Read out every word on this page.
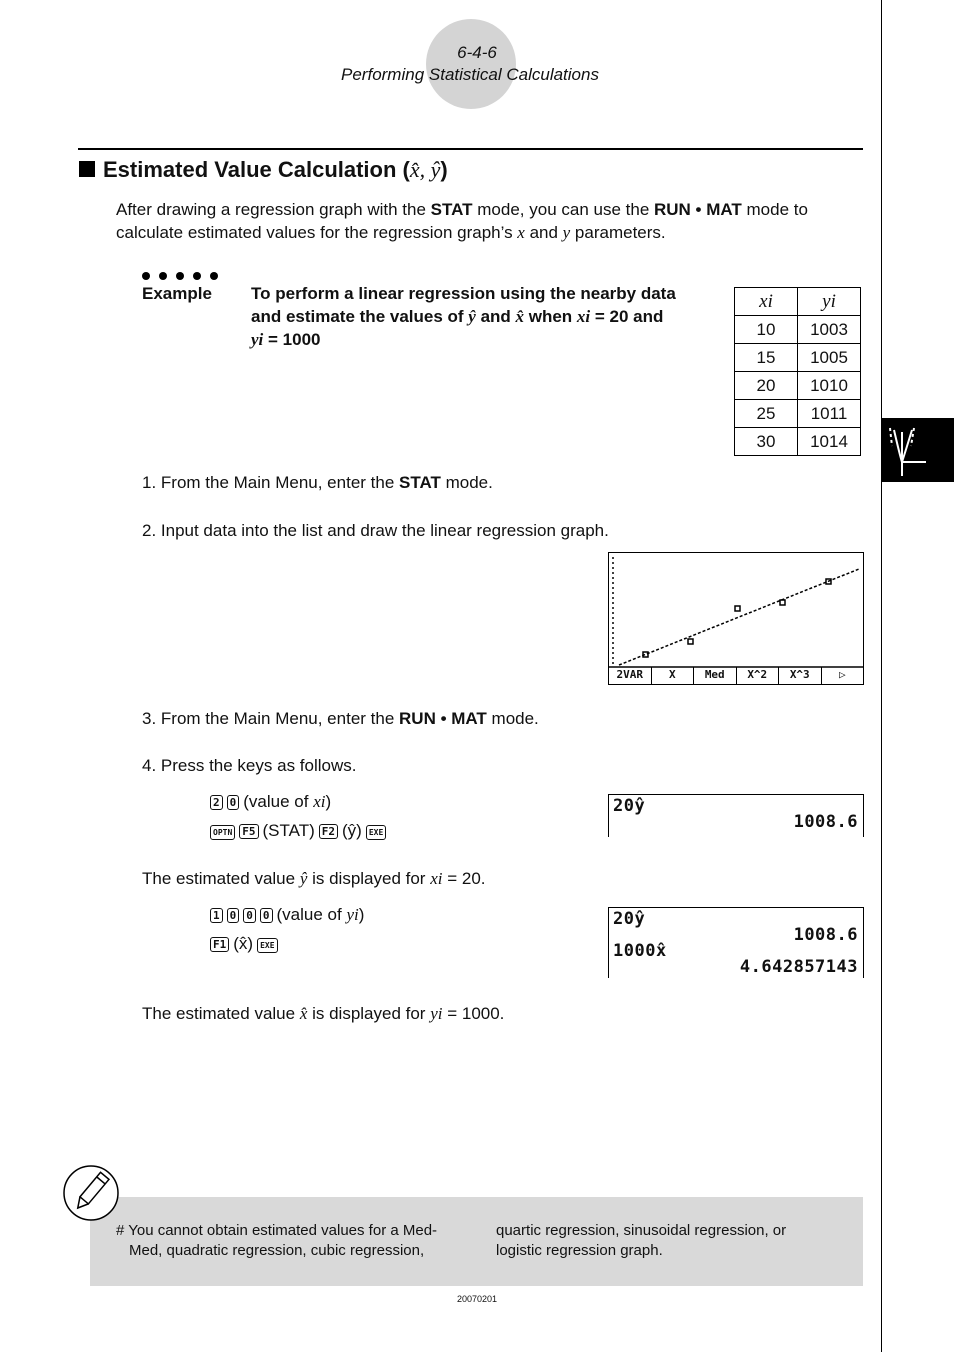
6-4-6
Performing Statistical Calculations
Estimated Value Calculation (x̂, ŷ)
After drawing a regression graph with the STAT mode, you can use the RUN • MAT mode to
calculate estimated values for the regression graph’s x and y parameters.
Example To perform a linear regression using the nearby data
and estimate the values of ŷ and x̂ when xi = 20 and
yi = 1000
xi	yi
10	1003
15	1005
20	1010
25	1011
30	1014
1. From the Main Menu, enter the STAT mode.
2. Input data into the list and draw the linear regression graph.
2VAR	X	Med	X^2	X^3	▷
3. From the Main Menu, enter the RUN • MAT mode.
4. Press the keys as follows.
2 0 (value of xi)
OPTN F5 (STAT) F2 (ŷ) EXE
20ŷ
1008.6
The estimated value ŷ is displayed for xi = 20.
1 0 0 0 (value of yi)
F1 (x̂) EXE
20ŷ
1008.6
1000x̂
4.642857143
The estimated value x̂ is displayed for yi = 1000.
# You cannot obtain estimated values for a Med-
Med, quadratic regression, cubic regression,
quartic regression, sinusoidal regression, or
logistic regression graph.
20070201
